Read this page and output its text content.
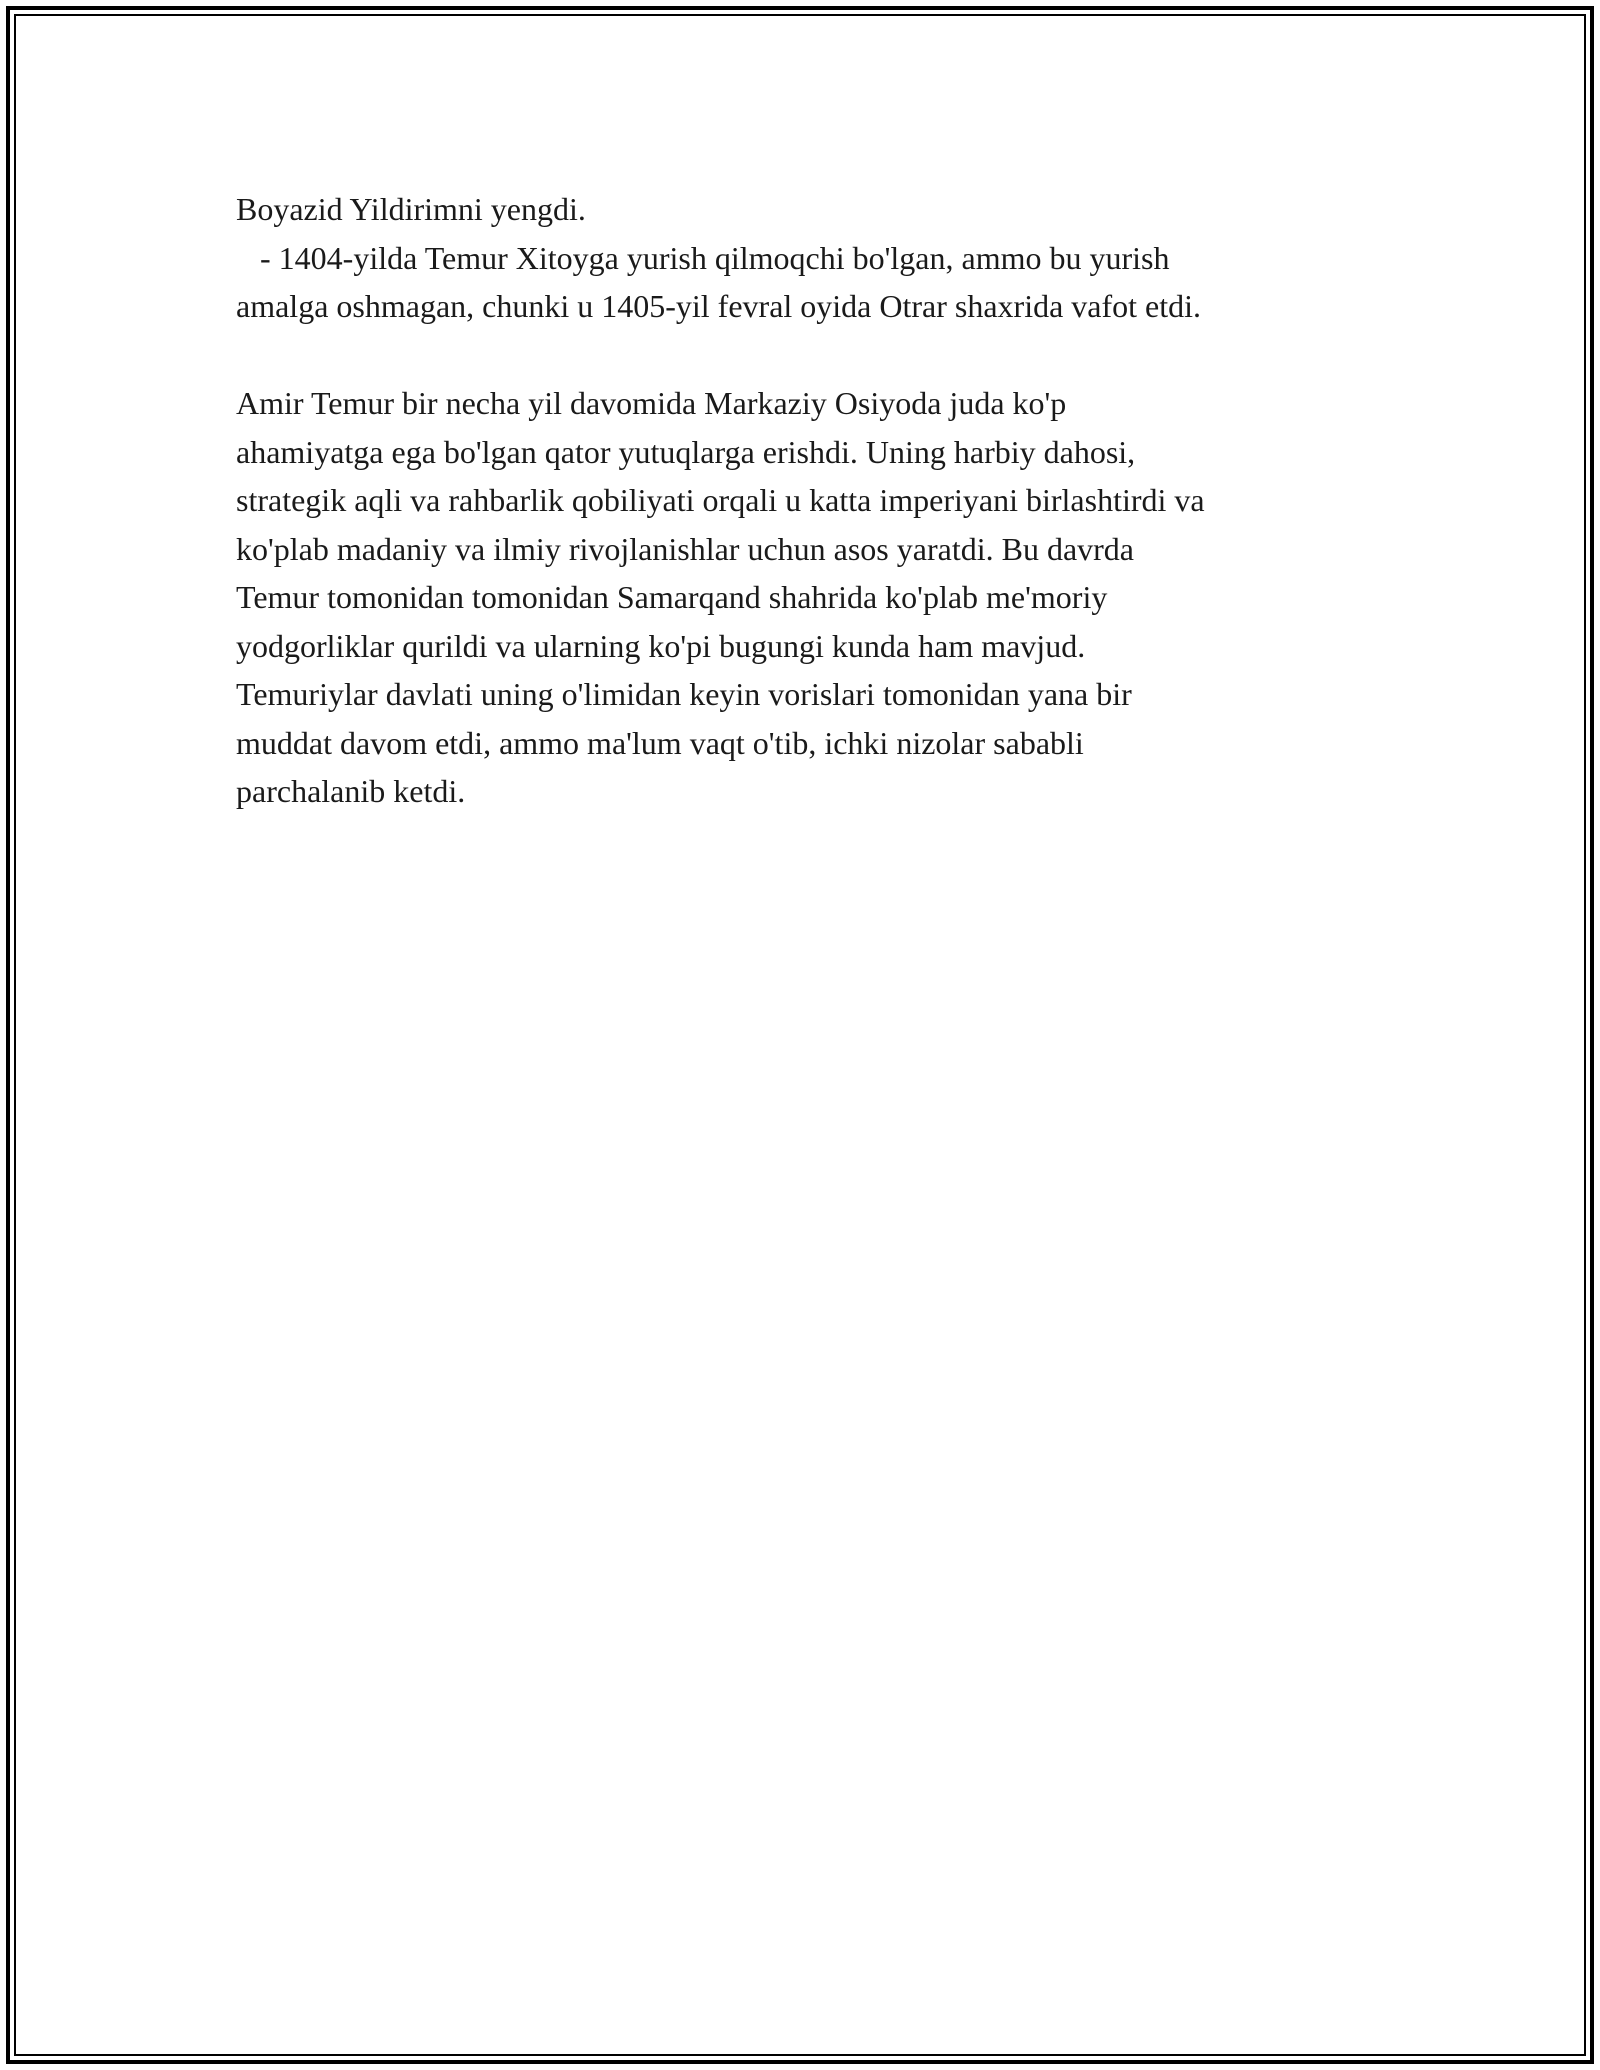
Boyazid Yildirimni yengdi.
- 1404-yilda Temur Xitoyga yurish qilmoqchi bo'lgan, ammo bu yurish
amalga oshmagan, chunki u 1405-yil fevral oyida Otrar shaxrida vafot etdi.
Amir Temur bir necha yil davomida Markaziy Osiyoda juda ko'p
ahamiyatga ega bo'lgan qator yutuqlarga erishdi. Uning harbiy dahosi,
strategik aqli va rahbarlik qobiliyati orqali u katta imperiyani birlashtirdi va
ko'plab madaniy va ilmiy rivojlanishlar uchun asos yaratdi. Bu davrda
Temur tomonidan tomonidan Samarqand shahrida ko'plab me'moriy
yodgorliklar qurildi va ularning ko'pi bugungi kunda ham mavjud.
Temuriylar davlati uning o'limidan keyin vorislari tomonidan yana bir
muddat davom etdi, ammo ma'lum vaqt o'tib, ichki nizolar sababli
parchalanib ketdi.
